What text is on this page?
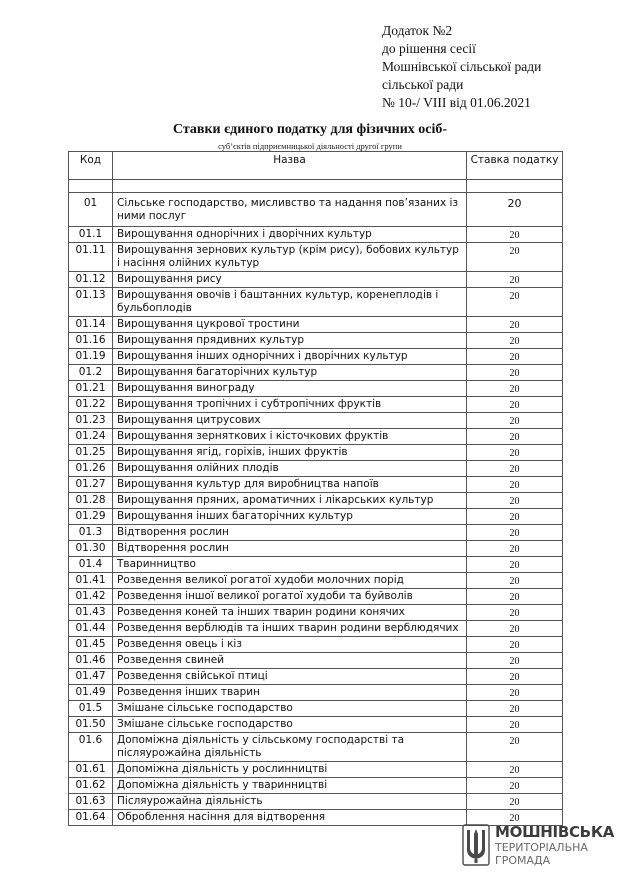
Додаток №2
до рішення сесії
Мошнівської сільської ради
сільської ради
№ 10-/ VIII від 01.06.2021
Ставки єдиного податку для фізичних осіб-
суб’єктів підприємницької діяльності другої групи
Код	Назва	Ставка податку

01	Сільське господарство, мисливство та надання пов’язаних із ними послуг	20
01.1	Вирощування однорічних і дворічних культур	20
01.11	Вирощування зернових культур (крім рису), бобових культур і насіння олійних культур	20
01.12	Вирощування рису	20
01.13	Вирощування овочів і баштанних культур, коренеплодів і бульбоплодів	20
01.14	Вирощування цукрової тростини	20
01.16	Вирощування прядивних культур	20
01.19	Вирощування інших однорічних і дворічних культур	20
01.2	Вирощування багаторічних культур	20
01.21	Вирощування винограду	20
01.22	Вирощування тропічних і субтропічних фруктів	20
01.23	Вирощування цитрусових	20
01.24	Вирощування зерняткових і кісточкових фруктів	20
01.25	Вирощування ягід, горіхів, інших фруктів	20
01.26	Вирощування олійних плодів	20
01.27	Вирощування культур для виробництва напоїв	20
01.28	Вирощування пряних, ароматичних і лікарських культур	20
01.29	Вирощування інших багаторічних культур	20
01.3	Відтворення рослин	20
01.30	Відтворення рослин	20
01.4	Тваринництво	20
01.41	Розведення великої рогатої худоби молочних порід	20
01.42	Розведення іншої великої рогатої худоби та буйволів	20
01.43	Розведення коней та інших тварин родини конячих	20
01.44	Розведення верблюдів та інших тварин родини верблюдячих	20
01.45	Розведення овець і кіз	20
01.46	Розведення свиней	20
01.47	Розведення свійської птиці	20
01.49	Розведення інших тварин	20
01.5	Змішане сільське господарство	20
01.50	Змішане сільське господарство	20
01.6	Допоміжна діяльність у сільському господарстві та післяурожайна діяльність	20
01.61	Допоміжна діяльність у рослинництві	20
01.62	Допоміжна діяльність у тваринництві	20
01.63	Післяурожайна діяльність	20
01.64	Оброблення насіння для відтворення	20
МОШНІВСЬКА
ТЕРИТОРІАЛЬНА
ГРОМАДА
